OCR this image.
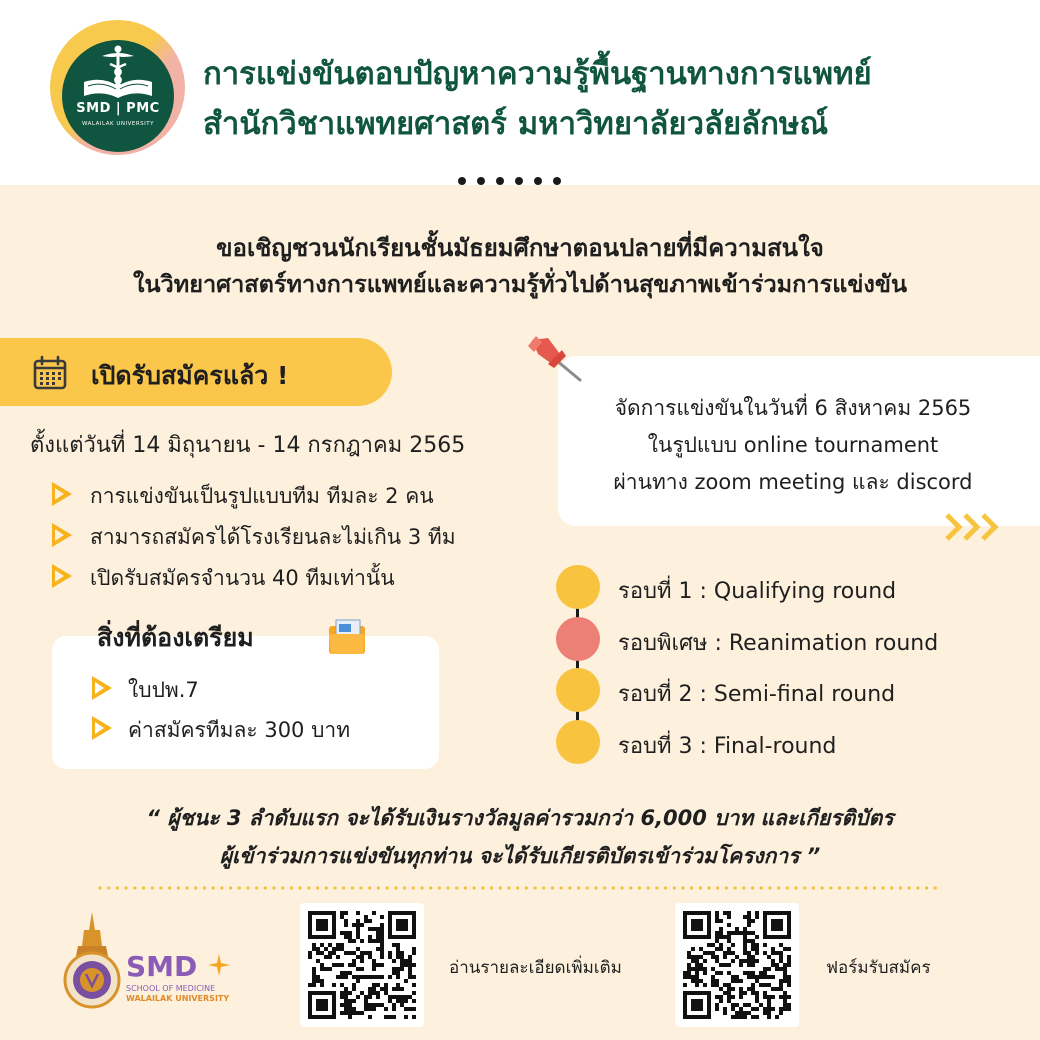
SMD | PMC
WALAILAK UNIVERSITY
การแข่งขันตอบปัญหาความรู้พื้นฐานทางการแพทย์
สำนักวิชาแพทยศาสตร์ มหาวิทยาลัยวลัยลักษณ์
ขอเชิญชวนนักเรียนชั้นมัธยมศึกษาตอนปลายที่มีความสนใจ
ในวิทยาศาสตร์ทางการแพทย์และความรู้ทั่วไปด้านสุขภาพเข้าร่วมการแข่งขัน
เปิดรับสมัครแล้ว !
ตั้งแต่วันที่ 14 มิถุนายน - 14 กรกฎาคม 2565
การแข่งขันเป็นรูปแบบทีม ทีมละ 2 คน
สามารถสมัครได้โรงเรียนละไม่เกิน 3 ทีม
เปิดรับสมัครจำนวน 40 ทีมเท่านั้น
สิ่งที่ต้องเตรียม
ใบปพ.7
ค่าสมัครทีมละ 300 บาท
จัดการแข่งขันในวันที่ 6 สิงหาคม 2565
ในรูปแบบ online tournament
ผ่านทาง zoom meeting และ discord
รอบที่ 1 : Qualifying round
รอบพิเศษ : Reanimation round
รอบที่ 2 : Semi-final round
รอบที่ 3 : Final-round
“ ผู้ชนะ 3 ลำดับแรก จะได้รับเงินรางวัลมูลค่ารวมกว่า 6,000 บาท และเกียรติบัตร
ผู้เข้าร่วมการแข่งขันทุกท่าน จะได้รับเกียรติบัตรเข้าร่วมโครงการ ”
SMD
SCHOOL OF MEDICINE
WALAILAK UNIVERSITY
อ่านรายละเอียดเพิ่มเติม	ฟอร์มรับสมัคร
